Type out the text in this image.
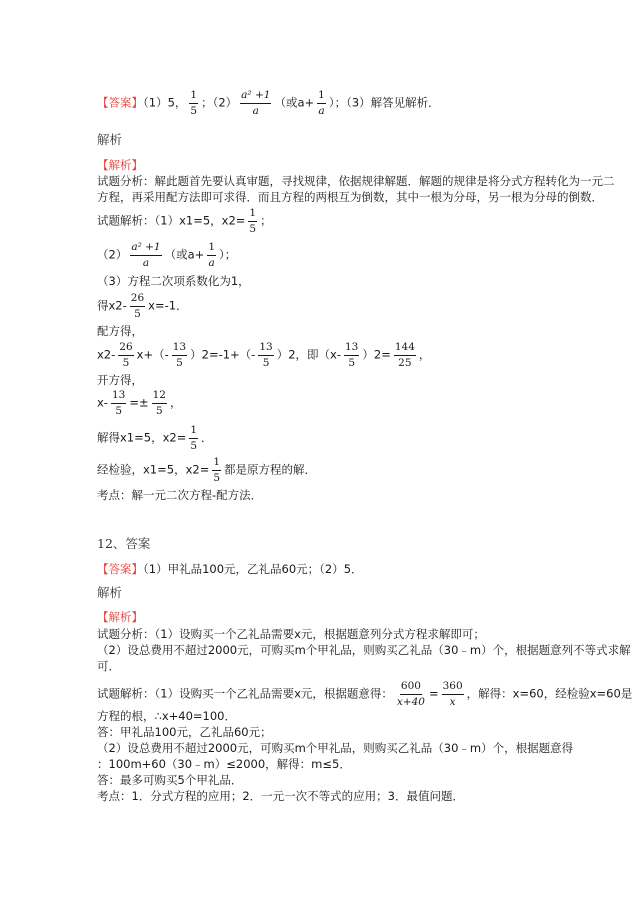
【答案】（1）5， $\frac{1}{5}$ ；$(2) \frac{\text{a² +1}}{a}$ （或$a+ \frac{1}{a}$ ）；（3）解答见解析．
解析
【解析】
试题分析：解此题首先要认真审题，寻找规律，依据规律解题．解题的规律是将分式方程转化为一元二
方程，再采用配方法即可求得．而且方程的两根互为倒数，其中一根为分母，另一根为分母的倒数．
试题解析：（1）x1=5，$x2= \frac{1}{5}$ ；
$(2) \frac{\text{a² +1}}{a}$ （或$a+ \frac{1}{a}$ ）；
（3）方程二次项系数化为1，
得$x2- \frac{26}{5} x=-1$．
配方得，
$x2- \frac{26}{5} x+(- \frac{13}{5} )2=-1+(- \frac{13}{5} )2$，即$(x- \frac{13}{5} )2= \frac{144}{25}$ ，
开方得，
$x- \frac{13}{5} =\pm \frac{12}{5}$ ，
解得x1=5，$x2= \frac{1}{5}$ ．
经检验，x1=5，$x2= \frac{1}{5}$ 都是原方程的解．
考点：解一元二次方程-配方法．
12、答案
【答案】（1）甲礼品100元，乙礼品60元；（2）5．
解析
【解析】
试题分析：（1）设购买一个乙礼品需要x元，根据题意列分式方程求解即可；
（2）设总费用不超过2000元，可购买m个甲礼品，则购买乙礼品（30﹣m）个，根据题意列不等式求解
可．
试题解析：（1）设购买一个乙礼品需要x元，根据题意得： $\frac{600}{x+40} = \frac{360}{x}$ ，解得：x=60，经检验x=60是
方程的根，∴x+40=100．
答：甲礼品100元，乙礼品60元；
（2）设总费用不超过2000元，可购买m个甲礼品，则购买乙礼品（30﹣m）个，根据题意得
：100m+60（30﹣m）≤2000，解得：m≤5．
答：最多可购买5个甲礼品．
考点：1．分式方程的应用；2．一元一次不等式的应用；3．最值问题．
